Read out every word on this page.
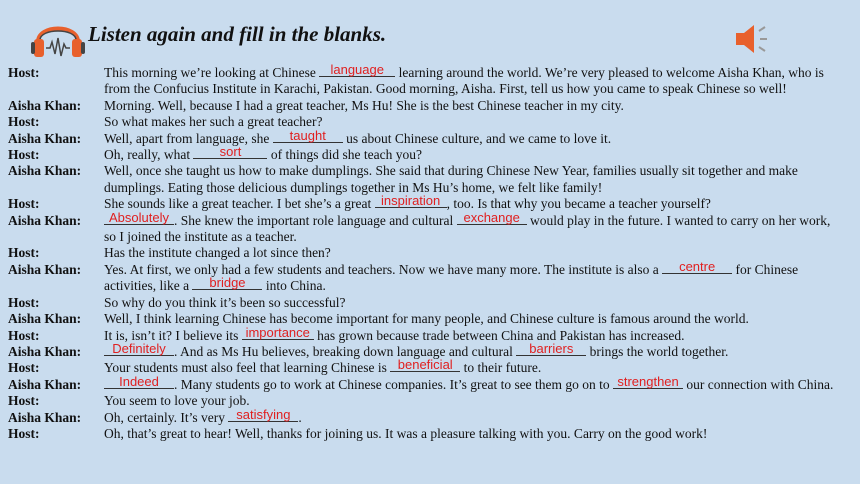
Listen again and fill in the blanks.
Host:	This morning we’re looking at Chinese language learning around the world. We’re very pleased to welcome Aisha Khan, who is from the Confucius Institute in Karachi, Pakistan. Good morning, Aisha. First, tell us how you came to speak Chinese so well!
Aisha Khan:	Morning. Well, because I had a great teacher, Ms Hu! She is the best Chinese teacher in my city.
Host:	So what makes her such a great teacher?
Aisha Khan:	Well, apart from language, she taught us about Chinese culture, and we came to love it.
Host:	Oh, really, what sort of things did she teach you?
Aisha Khan:	Well, once she taught us how to make dumplings. She said that during Chinese New Year, families usually sit together and make dumplings. Eating those delicious dumplings together in Ms Hu’s home, we felt like family!
Host:	She sounds like a great teacher. I bet she’s a great inspiration , too. Is that why you became a teacher yourself?
Aisha Khan:	Absolutely . She knew the important role language and cultural exchange would play in the future. I wanted to carry on her work, so I joined the institute as a teacher.
Host:	Has the institute changed a lot since then?
Aisha Khan:	Yes. At first, we only had a few students and teachers. Now we have many more. The institute is also a centre for Chinese activities, like a bridge into China.
Host:	So why do you think it’s been so successful?
Aisha Khan:	Well, I think learning Chinese has become important for many people, and Chinese culture is famous around the world.
Host:	It is, isn’t it? I believe its importance has grown because trade between China and Pakistan has increased.
Aisha Khan:	Definitely . And as Ms Hu believes, breaking down language and cultural barriers brings the world together.
Host:	Your students must also feel that learning Chinese is beneficial to their future.
Aisha Khan:	Indeed . Many students go to work at Chinese companies. It’s great to see them go on to strengthen our connection with China.
Host:	You seem to love your job.
Aisha Khan:	Oh, certainly. It’s very satisfying .
Host:	Oh, that’s great to hear! Well, thanks for joining us. It was a pleasure talking with you. Carry on the good work!
